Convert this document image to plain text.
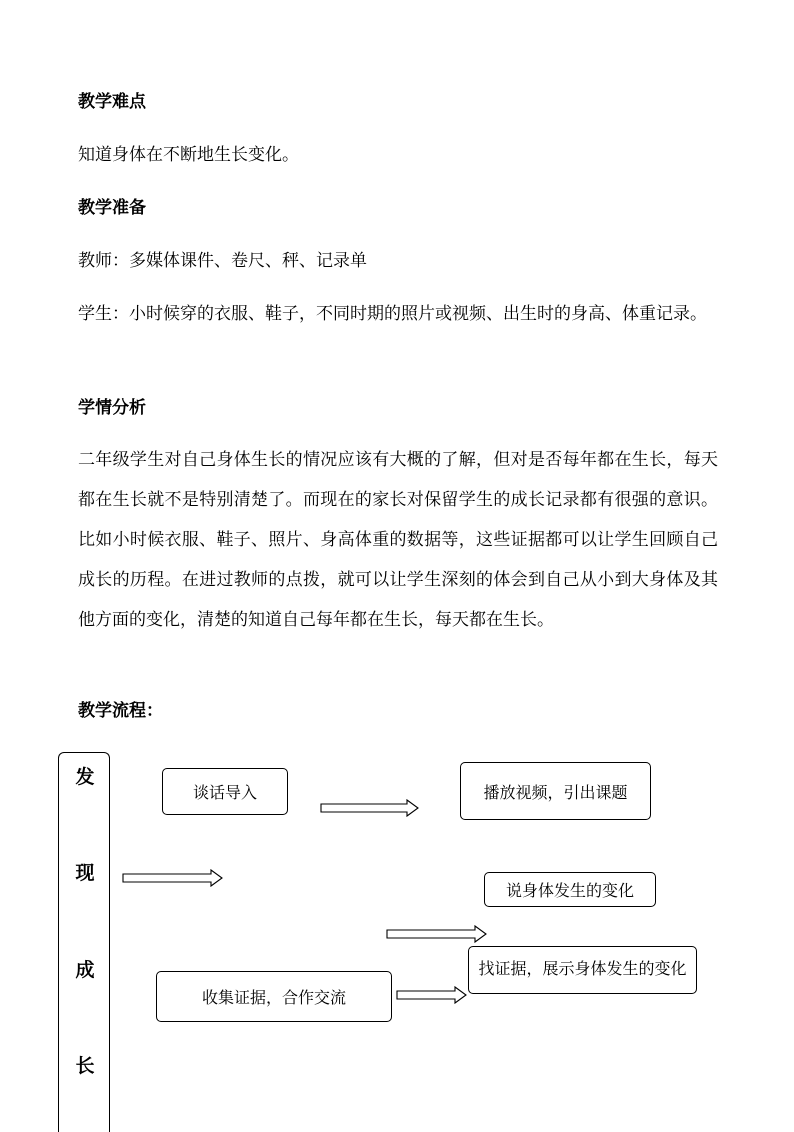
教学难点
知道身体在不断地生长变化。
教学准备
教师：多媒体课件、卷尺、秤、记录单
学生：小时候穿的衣服、鞋子，不同时期的照片或视频、出生时的身高、体重记录。
学情分析
二年级学生对自己身体生长的情况应该有大概的了解，但对是否每年都在生长，每天都在生长就不是特别清楚了。而现在的家长对保留学生的成长记录都有很强的意识。比如小时候衣服、鞋子、照片、身高体重的数据等，这些证据都可以让学生回顾自己成长的历程。在进过教师的点拨，就可以让学生深刻的体会到自己从小到大身体及其他方面的变化，清楚的知道自己每年都在生长，每天都在生长。
教学流程：
发
现
成
长
谈话导入	播放视频，引出课题
说身体发生的变化
找证据，展示身体发生的变化
收集证据，合作交流
